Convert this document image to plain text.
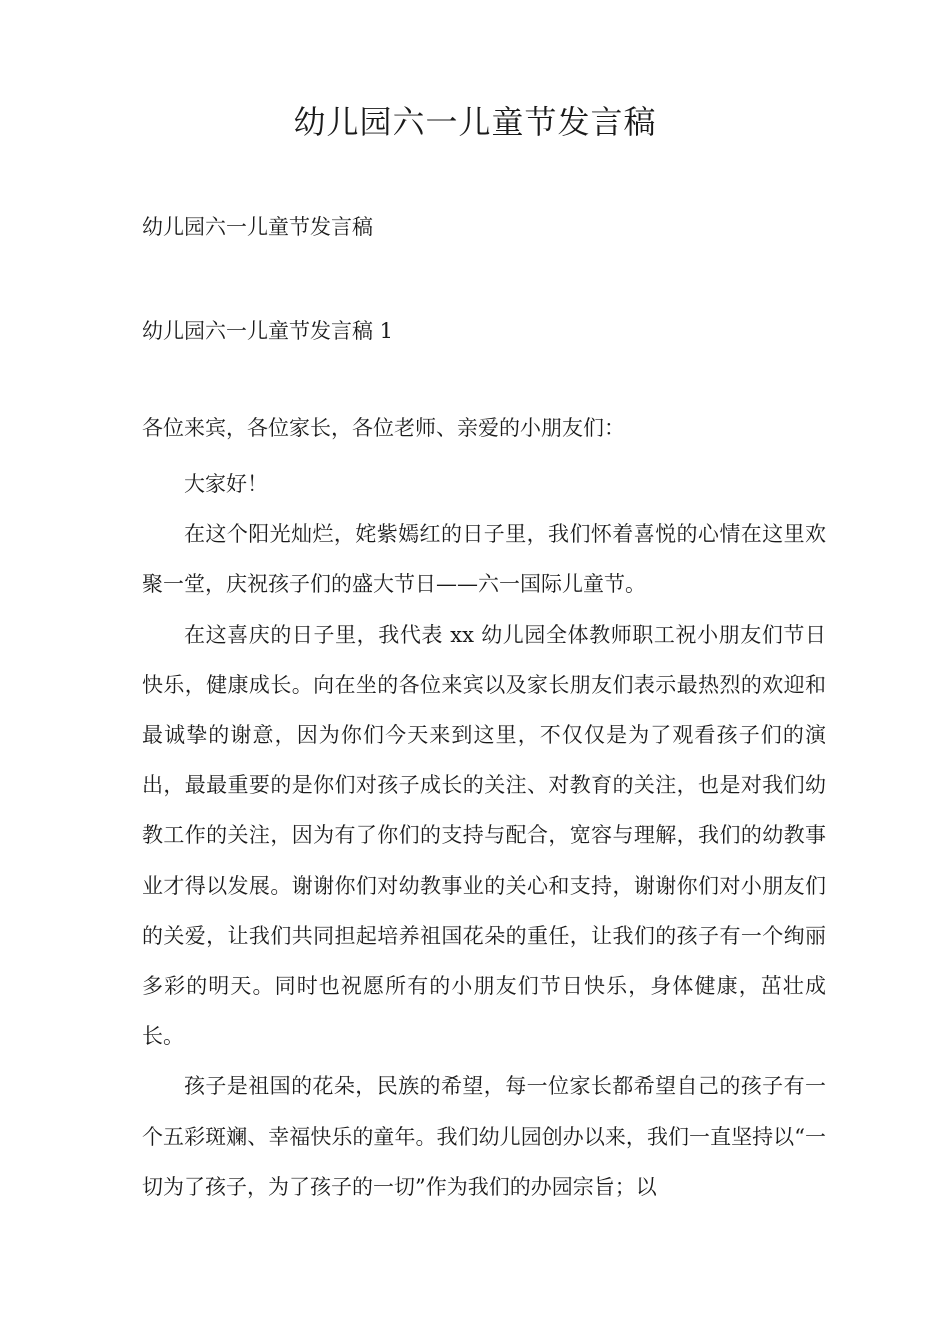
幼儿园六一儿童节发言稿

幼儿园六一儿童节发言稿

幼儿园六一儿童节发言稿 1

各位来宾，各位家长，各位老师、亲爱的小朋友们：

大家好！

在这个阳光灿烂，姹紫嫣红的日子里，我们怀着喜悦的心情在这里欢聚一堂，庆祝孩子们的盛大节日——六一国际儿童节。

在这喜庆的日子里，我代表 xx 幼儿园全体教师职工祝小朋友们节日快乐，健康成长。向在坐的各位来宾以及家长朋友们表示最热烈的欢迎和最诚挚的谢意，因为你们今天来到这里，不仅仅是为了观看孩子们的演出，最最重要的是你们对孩子成长的关注、对教育的关注，也是对我们幼教工作的关注，因为有了你们的支持与配合，宽容与理解，我们的幼教事业才得以发展。谢谢你们对幼教事业的关心和支持，谢谢你们对小朋友们的关爱，让我们共同担起培养祖国花朵的重任，让我们的孩子有一个绚丽多彩的明天。同时也祝愿所有的小朋友们节日快乐，身体健康，茁壮成长。

孩子是祖国的花朵，民族的希望，每一位家长都希望自己的孩子有一个五彩斑斓、幸福快乐的童年。我们幼儿园创办以来，我们一直坚持以“一切为了孩子，为了孩子的一切”作为我们的办园宗旨；以
